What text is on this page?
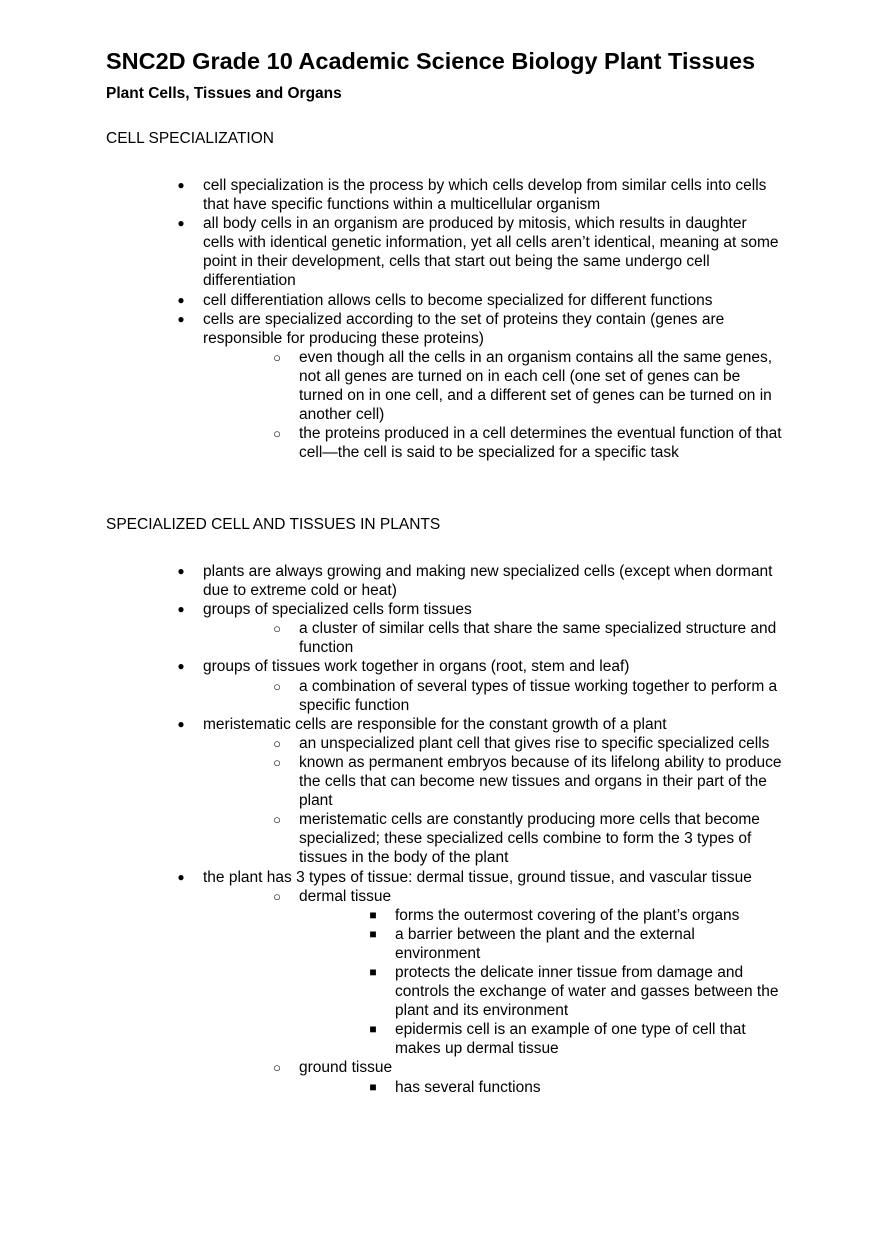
SNC2D Grade 10 Academic Science Biology Plant Tissues
Plant Cells, Tissues and Organs
CELL SPECIALIZATION
● cell specialization is the process by which cells develop from similar cells into cells that have specific functions within a multicellular organism
● all body cells in an organism are produced by mitosis, which results in daughter cells with identical genetic information, yet all cells aren’t identical, meaning at some point in their development, cells that start out being the same undergo cell differentiation
● cell differentiation allows cells to become specialized for different functions
● cells are specialized according to the set of proteins they contain (genes are responsible for producing these proteins)
○ even though all the cells in an organism contains all the same genes, not all genes are turned on in each cell (one set of genes can be turned on in one cell, and a different set of genes can be turned on in another cell)
○ the proteins produced in a cell determines the eventual function of that cell—the cell is said to be specialized for a specific task
SPECIALIZED CELL AND TISSUES IN PLANTS
● plants are always growing and making new specialized cells (except when dormant due to extreme cold or heat)
● groups of specialized cells form tissues
○ a cluster of similar cells that share the same specialized structure and function
● groups of tissues work together in organs (root, stem and leaf)
○ a combination of several types of tissue working together to perform a specific function
● meristematic cells are responsible for the constant growth of a plant
○ an unspecialized plant cell that gives rise to specific specialized cells
○ known as permanent embryos because of its lifelong ability to produce the cells that can become new tissues and organs in their part of the plant
○ meristematic cells are constantly producing more cells that become specialized; these specialized cells combine to form the 3 types of tissues in the body of the plant
● the plant has 3 types of tissue: dermal tissue, ground tissue, and vascular tissue
○ dermal tissue
■ forms the outermost covering of the plant’s organs
■ a barrier between the plant and the external environment
■ protects the delicate inner tissue from damage and controls the exchange of water and gasses between the plant and its environment
■ epidermis cell is an example of one type of cell that makes up dermal tissue
○ ground tissue
■ has several functions
